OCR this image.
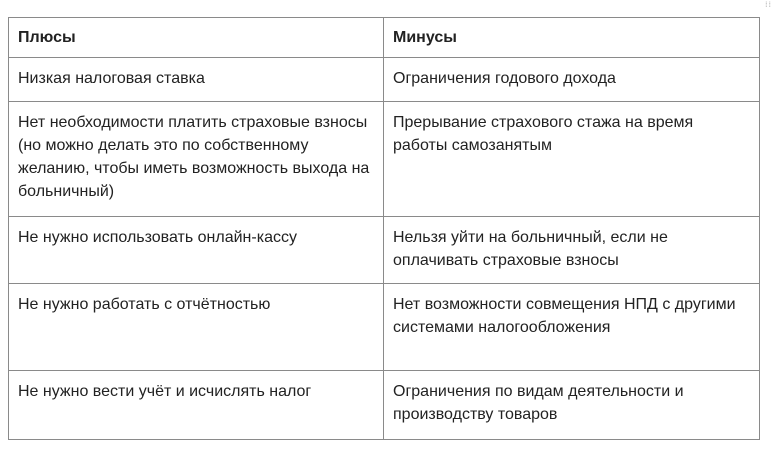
Плюсы	Минусы
Низкая налоговая ставка	Ограничения годового дохода
Нет необходимости платить страховые взносы (но можно делать это по собственному желанию, чтобы иметь возможность выхода на больничный)	Прерывание страхового стажа на время работы самозанятым
Не нужно использовать онлайн-кассу	Нельзя уйти на больничный, если не оплачивать страховые взносы
Не нужно работать с отчётностью	Нет возможности совмещения НПД с другими системами налогообложения
Не нужно вести учёт и исчислять налог	Ограничения по видам деятельности и производству товаров
⁞⁞
